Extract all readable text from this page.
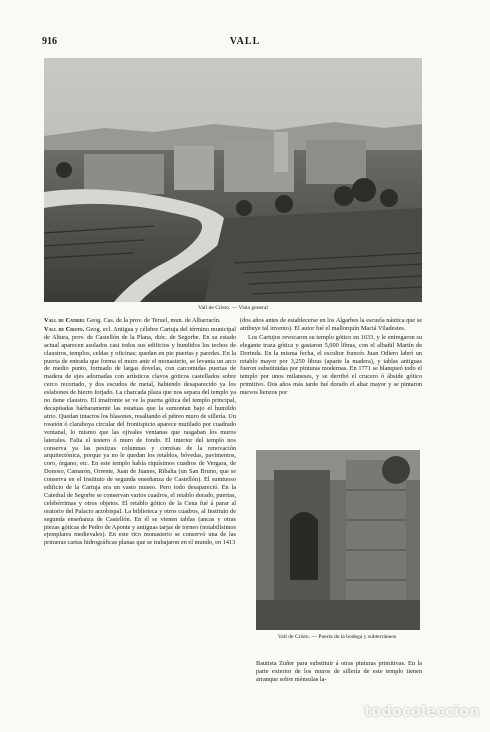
916	VALL
Vall de Cristo. — Vista general

Vall de Catriel Geog. Cas. de la prov. de Teruel, mun. de Albarracín.

Vall de Cristo. Geog. ecl. Antigua y célebre Cartuja del término municipal de Altura, prov. de Castellón de la Plana, dióc. de Segorbe. En su estado actual aparecen asolados casi todos sus edificios y hundidos los techos de claustros, templos, celdas y oficinas; quedan en pie puertas y paredes. En la puerta de entrada que forma el muro ante el monasterio, se levanta un arco de medio punto, formado de largas dovelas, con carcomidas puertas de madera de ejes adornadas con artísticos clavos góticos castellados sobre cerco recortado, y dos escudos de metal, habiendo desaparecido ya los eslabones de hierro forjado. La charcada plaza que nos separa del templo ya no tiene claustro. El imafronte se ve la puerta gótica del templo principal, decapitadas bárbaramente las estatuas que la sumontan bajo el humildo atrio. Quedan intactos los blasones, resaltando el pétreo muro de sillería. Un rosetón ó claraboya circular del frontispicio aparece mutilado por cuadrado ventanal, lo mismo que las ojivales ventanas que rasgaban los muros laterales. Falta el testero ó muro de fondo. El interior del templo nos conserva ya las pestizas columnas y cornisas de la renovación arquitectónica, porque ya no le quedan los retablos, bóvedas, pavimentos, coro, órgano, etc. En este templo había riquísimos cuadros de Vergara, de Donoso, Camarón, Orrente, Juan de Juanes, Ribalta (un San Bruno, que se conserva en el Instituto de segunda enseñanza de Castellón). El sumtuoso edificio de la Cartuja era un vasto museo. Pero todo desapareció. En la Catedral de Segorbe se conservan varios cuadros, el retablo dorado, puertas, celebérrimas y otros objetos. El retablo gótico de la Cena fué á parar al oratorio del Palacio arzobispal. La biblioteca y otros cuadros, al Instituto de segunda enseñanza de Castellón. En él se vienen tablas (ancas y otras piezas góticas de Pedro de Aponte y antiguas tarjas de torneo (notabilísimos ejemplares medievales). En este rico monasterio se conservó una de las primeras cartas hidrográficas planas que se trabajaron en el mundo, en 1413

(dos años antes de establecerse en los Algarbes la escuela náutica que se atribuye tal invento). El autor fué el mallorquín Maciá Viladestes.

Los Cartujos revocaron su templo gótico en 1633, y le entregaron su elegante traza gótica y gastaron 5,000 libras, con el albañil Martín de Dorinda. En la misma fecha, el escultor francés Juan Odiero labró un retablo mayor por 3,250 libras (aparte la madera), y tablas antiguas fueron substituidas por pinturas modernas. En 1771 se blanqueó todo el templo por unos milaneses, y se derribó el crucero ó ábside gótico primitivo. Dos años más tarde fué dorado el altar mayor y se pintaron nuevos lienzos por

Vall de Cristo. — Puerta de la bodega y subterráneos

Bautista Zuñer para substituir á otras pinturas primitivas. En la parte exterior de los muros de sillería de este templo tienen arranque sobre ménsulas la-

todocoleccion
